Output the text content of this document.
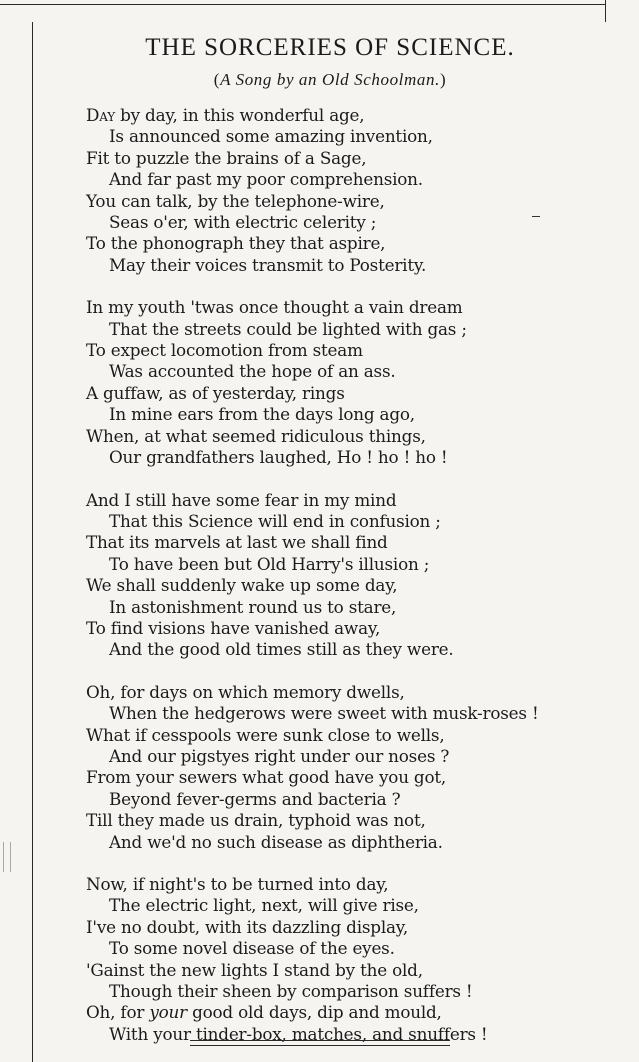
THE SORCERIES OF SCIENCE.
(A Song by an Old Schoolman.)
Day by day, in this wonderful age,
Is announced some amazing invention,
Fit to puzzle the brains of a Sage,
And far past my poor comprehension.
You can talk, by the telephone-wire,
Seas o'er, with electric celerity ;
To the phonograph they that aspire,
May their voices transmit to Posterity.
In my youth 'twas once thought a vain dream
That the streets could be lighted with gas ;
To expect locomotion from steam
Was accounted the hope of an ass.
A guffaw, as of yesterday, rings
In mine ears from the days long ago,
When, at what seemed ridiculous things,
Our grandfathers laughed, Ho ! ho ! ho !
And I still have some fear in my mind
That this Science will end in confusion ;
That its marvels at last we shall find
To have been but Old Harry's illusion ;
We shall suddenly wake up some day,
In astonishment round us to stare,
To find visions have vanished away,
And the good old times still as they were.
Oh, for days on which memory dwells,
When the hedgerows were sweet with musk-roses !
What if cesspools were sunk close to wells,
And our pigstyes right under our noses ?
From your sewers what good have you got,
Beyond fever-germs and bacteria ?
Till they made us drain, typhoid was not,
And we'd no such disease as diphtheria.
Now, if night's to be turned into day,
The electric light, next, will give rise,
I've no doubt, with its dazzling display,
To some novel disease of the eyes.
'Gainst the new lights I stand by the old,
Though their sheen by comparison suffers !
Oh, for your good old days, dip and mould,
With your tinder-box, matches, and snuffers !
